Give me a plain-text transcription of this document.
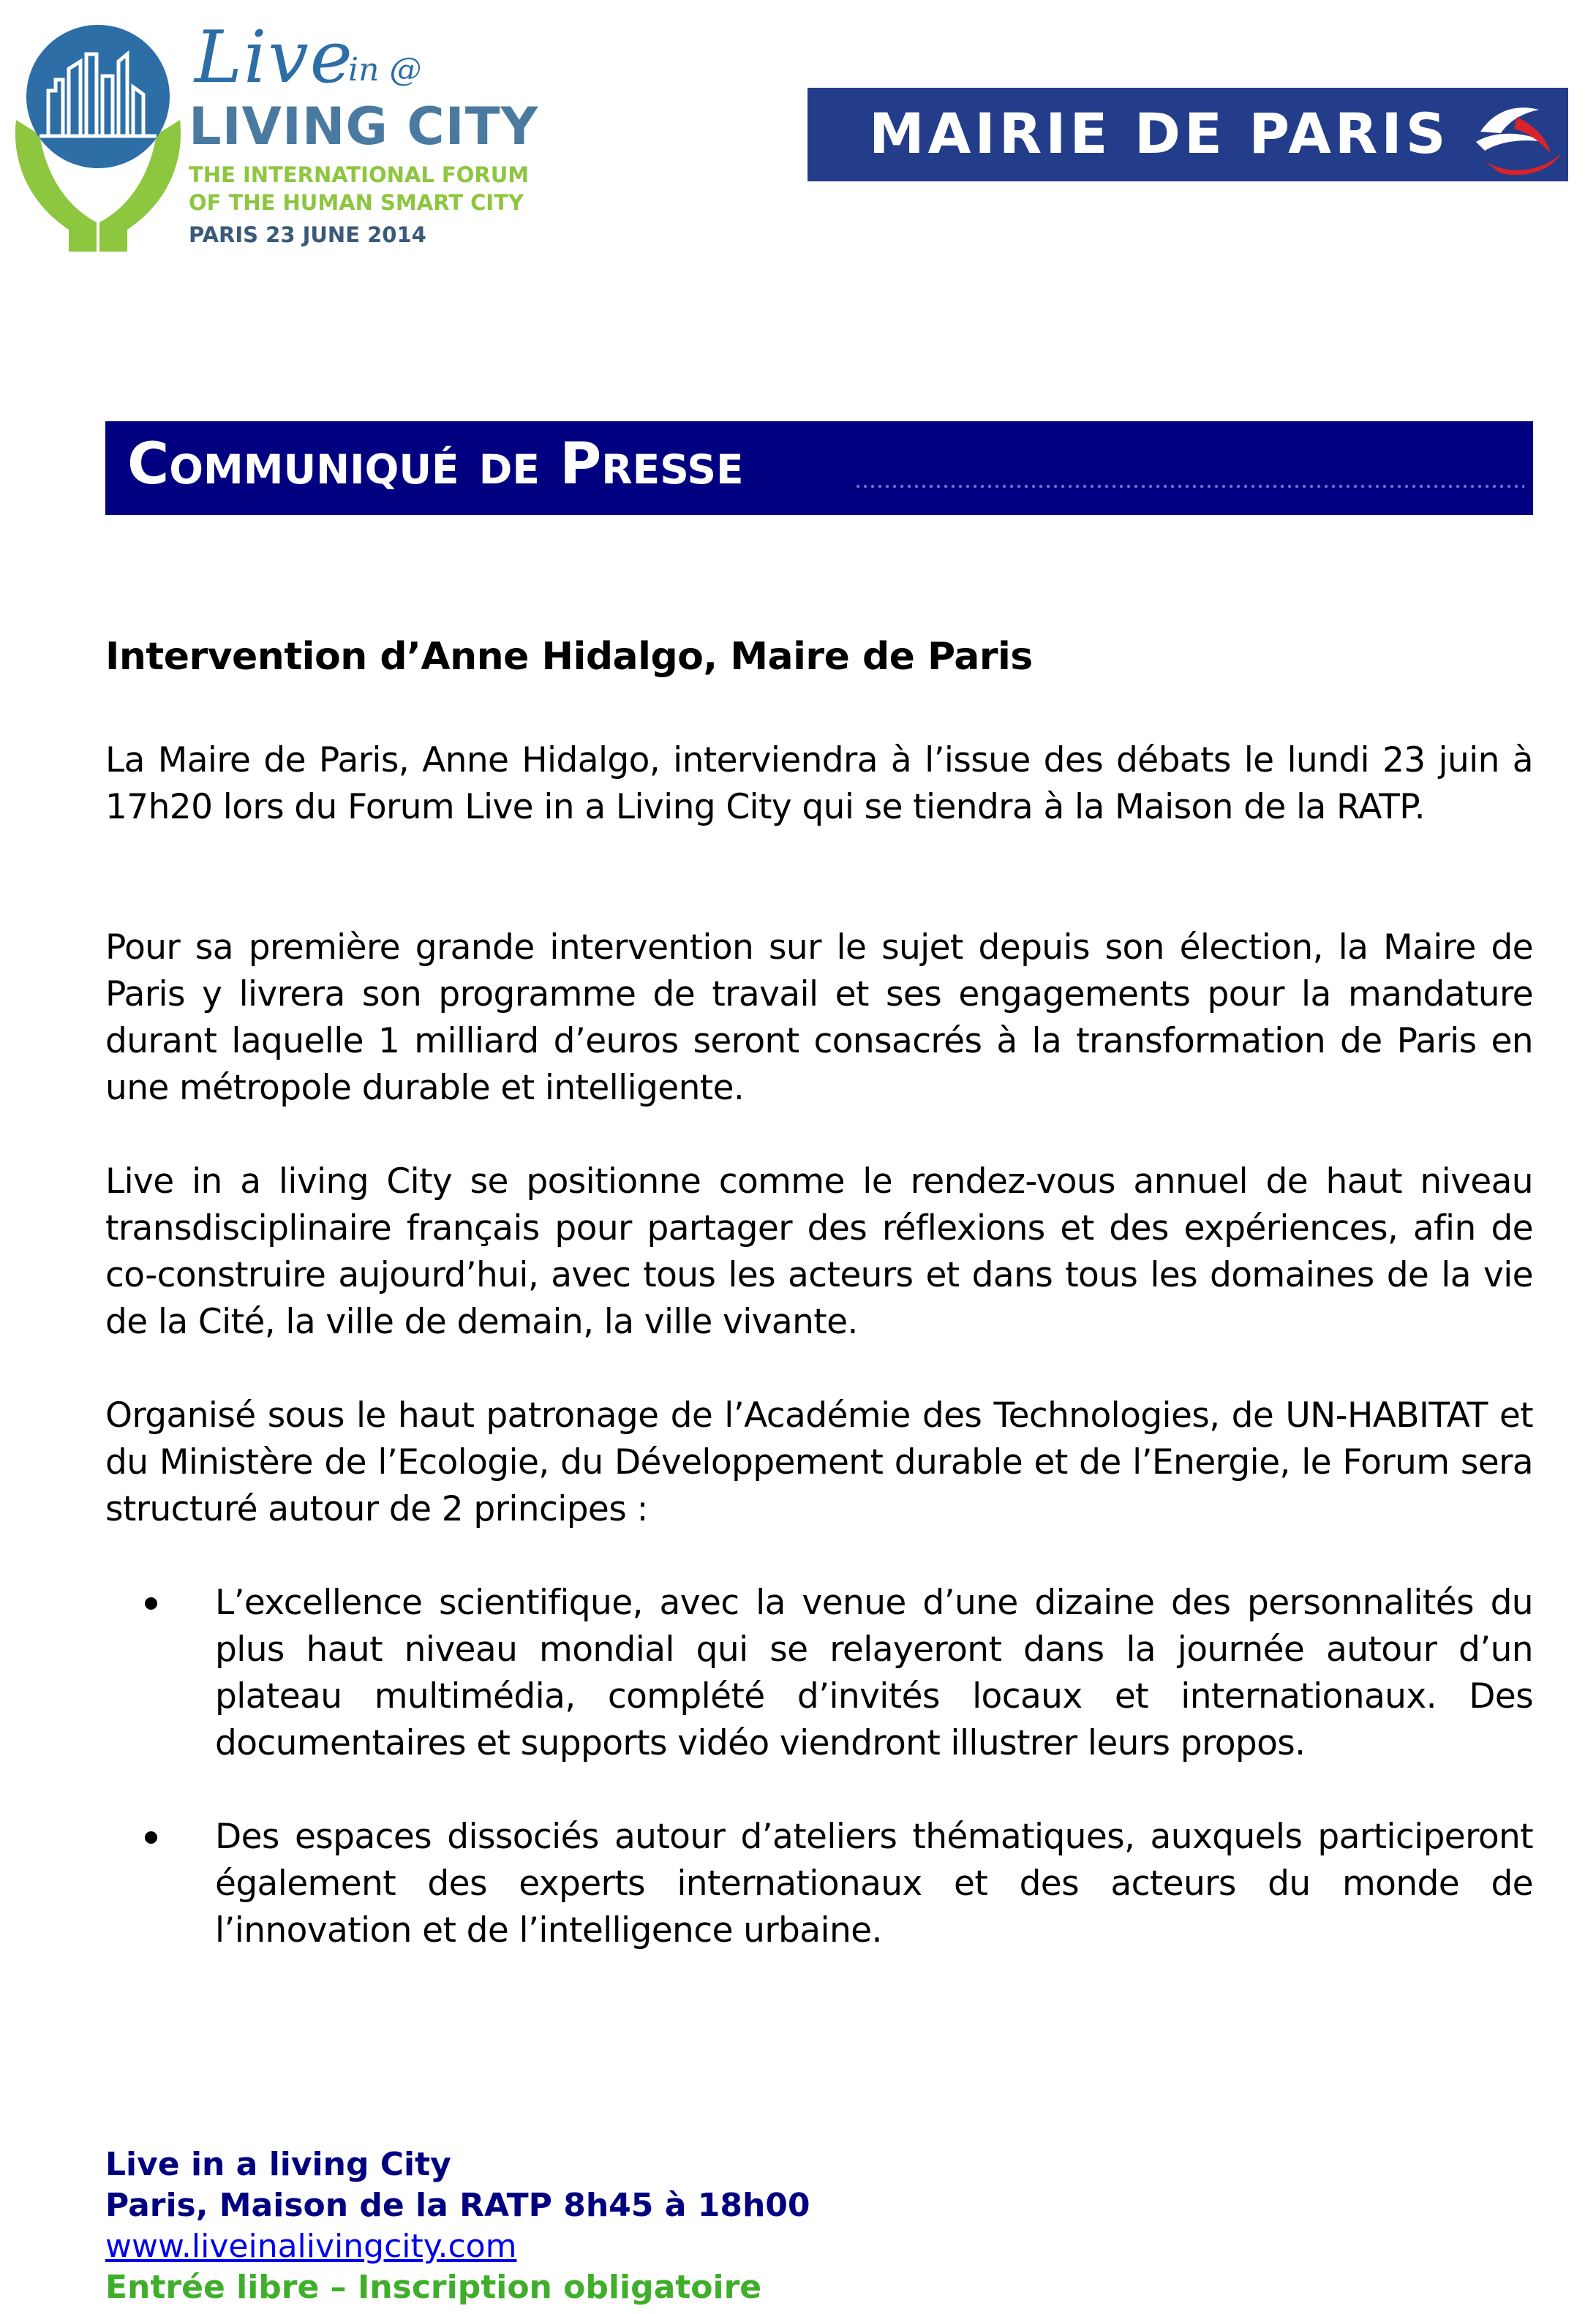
Live
in @
LIVING CITY
THE INTERNATIONAL FORUM
OF THE HUMAN SMART CITY
PARIS 23 JUNE 2014
MAIRIE DE PARIS
Communiqué de Presse
Intervention d’Anne Hidalgo, Maire de Paris
La Maire de Paris, Anne Hidalgo, interviendra à l’issue des débats le lundi 23 juin à 17h20 lors du Forum Live in a Living City qui se tiendra à la Maison de la RATP.
Pour sa première grande intervention sur le sujet depuis son élection, la Maire de Paris y livrera son programme de travail et ses engagements pour la mandature durant laquelle 1 milliard d’euros seront consacrés à la transformation de Paris en une métropole durable et intelligente.
Live in a living City se positionne comme le rendez-vous annuel de haut niveau transdisciplinaire français pour partager des réflexions et des expériences, afin de co-construire aujourd’hui, avec tous les acteurs et dans tous les domaines de la vie de la Cité, la ville de demain, la ville vivante.
Organisé sous le haut patronage de l’Académie des Technologies, de UN-HABITAT et du Ministère de l’Ecologie, du Développement durable et de l’Energie, le Forum sera structuré autour de 2 principes :
L’excellence scientifique, avec la venue d’une dizaine des personnalités du plus haut niveau mondial qui se relayeront dans la journée autour d’un plateau multimédia, complété d’invités locaux et internationaux. Des documentaires et supports vidéo viendront illustrer leurs propos.
Des espaces dissociés autour d’ateliers thématiques, auxquels participeront également des experts internationaux et des acteurs du monde de l’innovation et de l’intelligence urbaine.
Live in a living City
Paris, Maison de la RATP 8h45 à 18h00
www.liveinalivingcity.com
Entrée libre – Inscription obligatoire
